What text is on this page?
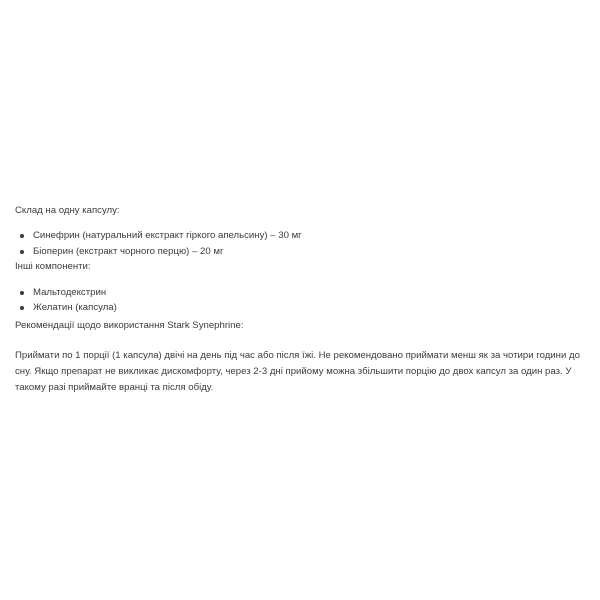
Склад на одну капсулу:

Синефрин (натуральний екстракт гіркого апельсину) – 30 мг
Біоперин (екстракт чорного перцю) – 20 мг

Інші компоненти:

Мальтодекстрин
Желатин (капсула)

Рекомендації щодо використання Stark Synephrine:

Приймати по 1 порції (1 капсула) двічі на день під час або після їжі. Не рекомендовано приймати менш як за чотири години до сну. Якщо препарат не викликає дискомфорту, через 2-3 дні прийому можна збільшити порцію до двох капсул за один раз. У такому разі приймайте вранці та після обіду.
